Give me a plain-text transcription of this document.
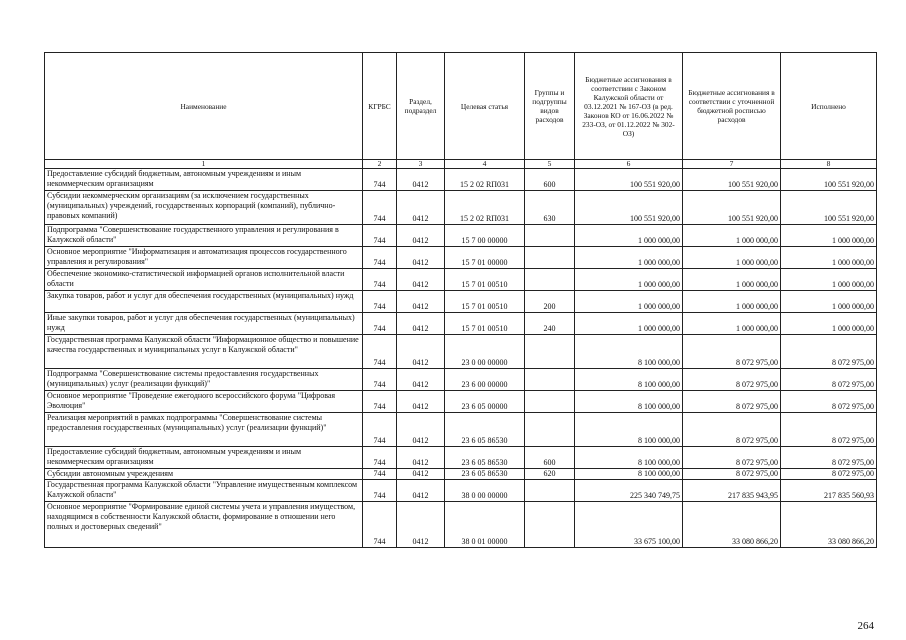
Наименование	КГРБС	Раздел, подраздел	Целевая статья	Группы и подгруппы видов расходов	Бюджетные ассигнования в соответствии с Законом Калужской области от 03.12.2021 № 167-ОЗ (в ред. Законов КО от 16.06.2022 № 233-ОЗ, от 01.12.2022 № 302-ОЗ)	Бюджетные ассигнования в соответствии с уточненной бюджетной росписью расходов	Исполнено
1	2	3	4	5	6	7	8
Предоставление субсидий бюджетным, автономным учреждениям и иным некоммерческим организациям	744	0412	15 2 02 RП031	600	100 551 920,00	100 551 920,00	100 551 920,00
Субсидии некоммерческим организациям (за исключением государственных (муниципальных) учреждений, государственных корпораций (компаний), публично-правовых компаний)	744	0412	15 2 02 RП031	630	100 551 920,00	100 551 920,00	100 551 920,00
Подпрограмма "Совершенствование государственного управления и регулирования в Калужской области"	744	0412	15 7 00 00000		1 000 000,00	1 000 000,00	1 000 000,00
Основное мероприятие "Информатизация и автоматизация процессов государственного управления и регулирования"	744	0412	15 7 01 00000		1 000 000,00	1 000 000,00	1 000 000,00
Обеспечение экономико-статистической информацией органов исполнительной власти области	744	0412	15 7 01 00510		1 000 000,00	1 000 000,00	1 000 000,00
Закупка товаров, работ и услуг для обеспечения государственных (муниципальных) нужд	744	0412	15 7 01 00510	200	1 000 000,00	1 000 000,00	1 000 000,00
Иные закупки товаров, работ и услуг для обеспечения государственных (муниципальных) нужд	744	0412	15 7 01 00510	240	1 000 000,00	1 000 000,00	1 000 000,00
Государственная программа Калужской области "Информационное общество и повышение качества государственных и муниципальных услуг в Калужской области"	744	0412	23 0 00 00000		8 100 000,00	8 072 975,00	8 072 975,00
Подпрограмма "Совершенствование системы предоставления государственных (муниципальных) услуг (реализации функций)"	744	0412	23 6 00 00000		8 100 000,00	8 072 975,00	8 072 975,00
Основное мероприятие "Проведение ежегодного всероссийского форума "Цифровая Эволюция"	744	0412	23 6 05 00000		8 100 000,00	8 072 975,00	8 072 975,00
Реализация мероприятий в рамках подпрограммы "Совершенствование системы предоставления государственных (муниципальных) услуг (реализации функций)"	744	0412	23 6 05 86530		8 100 000,00	8 072 975,00	8 072 975,00
Предоставление субсидий бюджетным, автономным учреждениям и иным некоммерческим организациям	744	0412	23 6 05 86530	600	8 100 000,00	8 072 975,00	8 072 975,00
Субсидии автономным учреждениям	744	0412	23 6 05 86530	620	8 100 000,00	8 072 975,00	8 072 975,00
Государственная программа Калужской области "Управление имущественным комплексом Калужской области"	744	0412	38 0 00 00000		225 340 749,75	217 835 943,95	217 835 560,93
Основное мероприятие "Формирование единой системы учета и управления имуществом, находящимся в собственности Калужской области, формирование в отношении него полных и достоверных сведений"	744	0412	38 0 01 00000		33 675 100,00	33 080 866,20	33 080 866,20
264
